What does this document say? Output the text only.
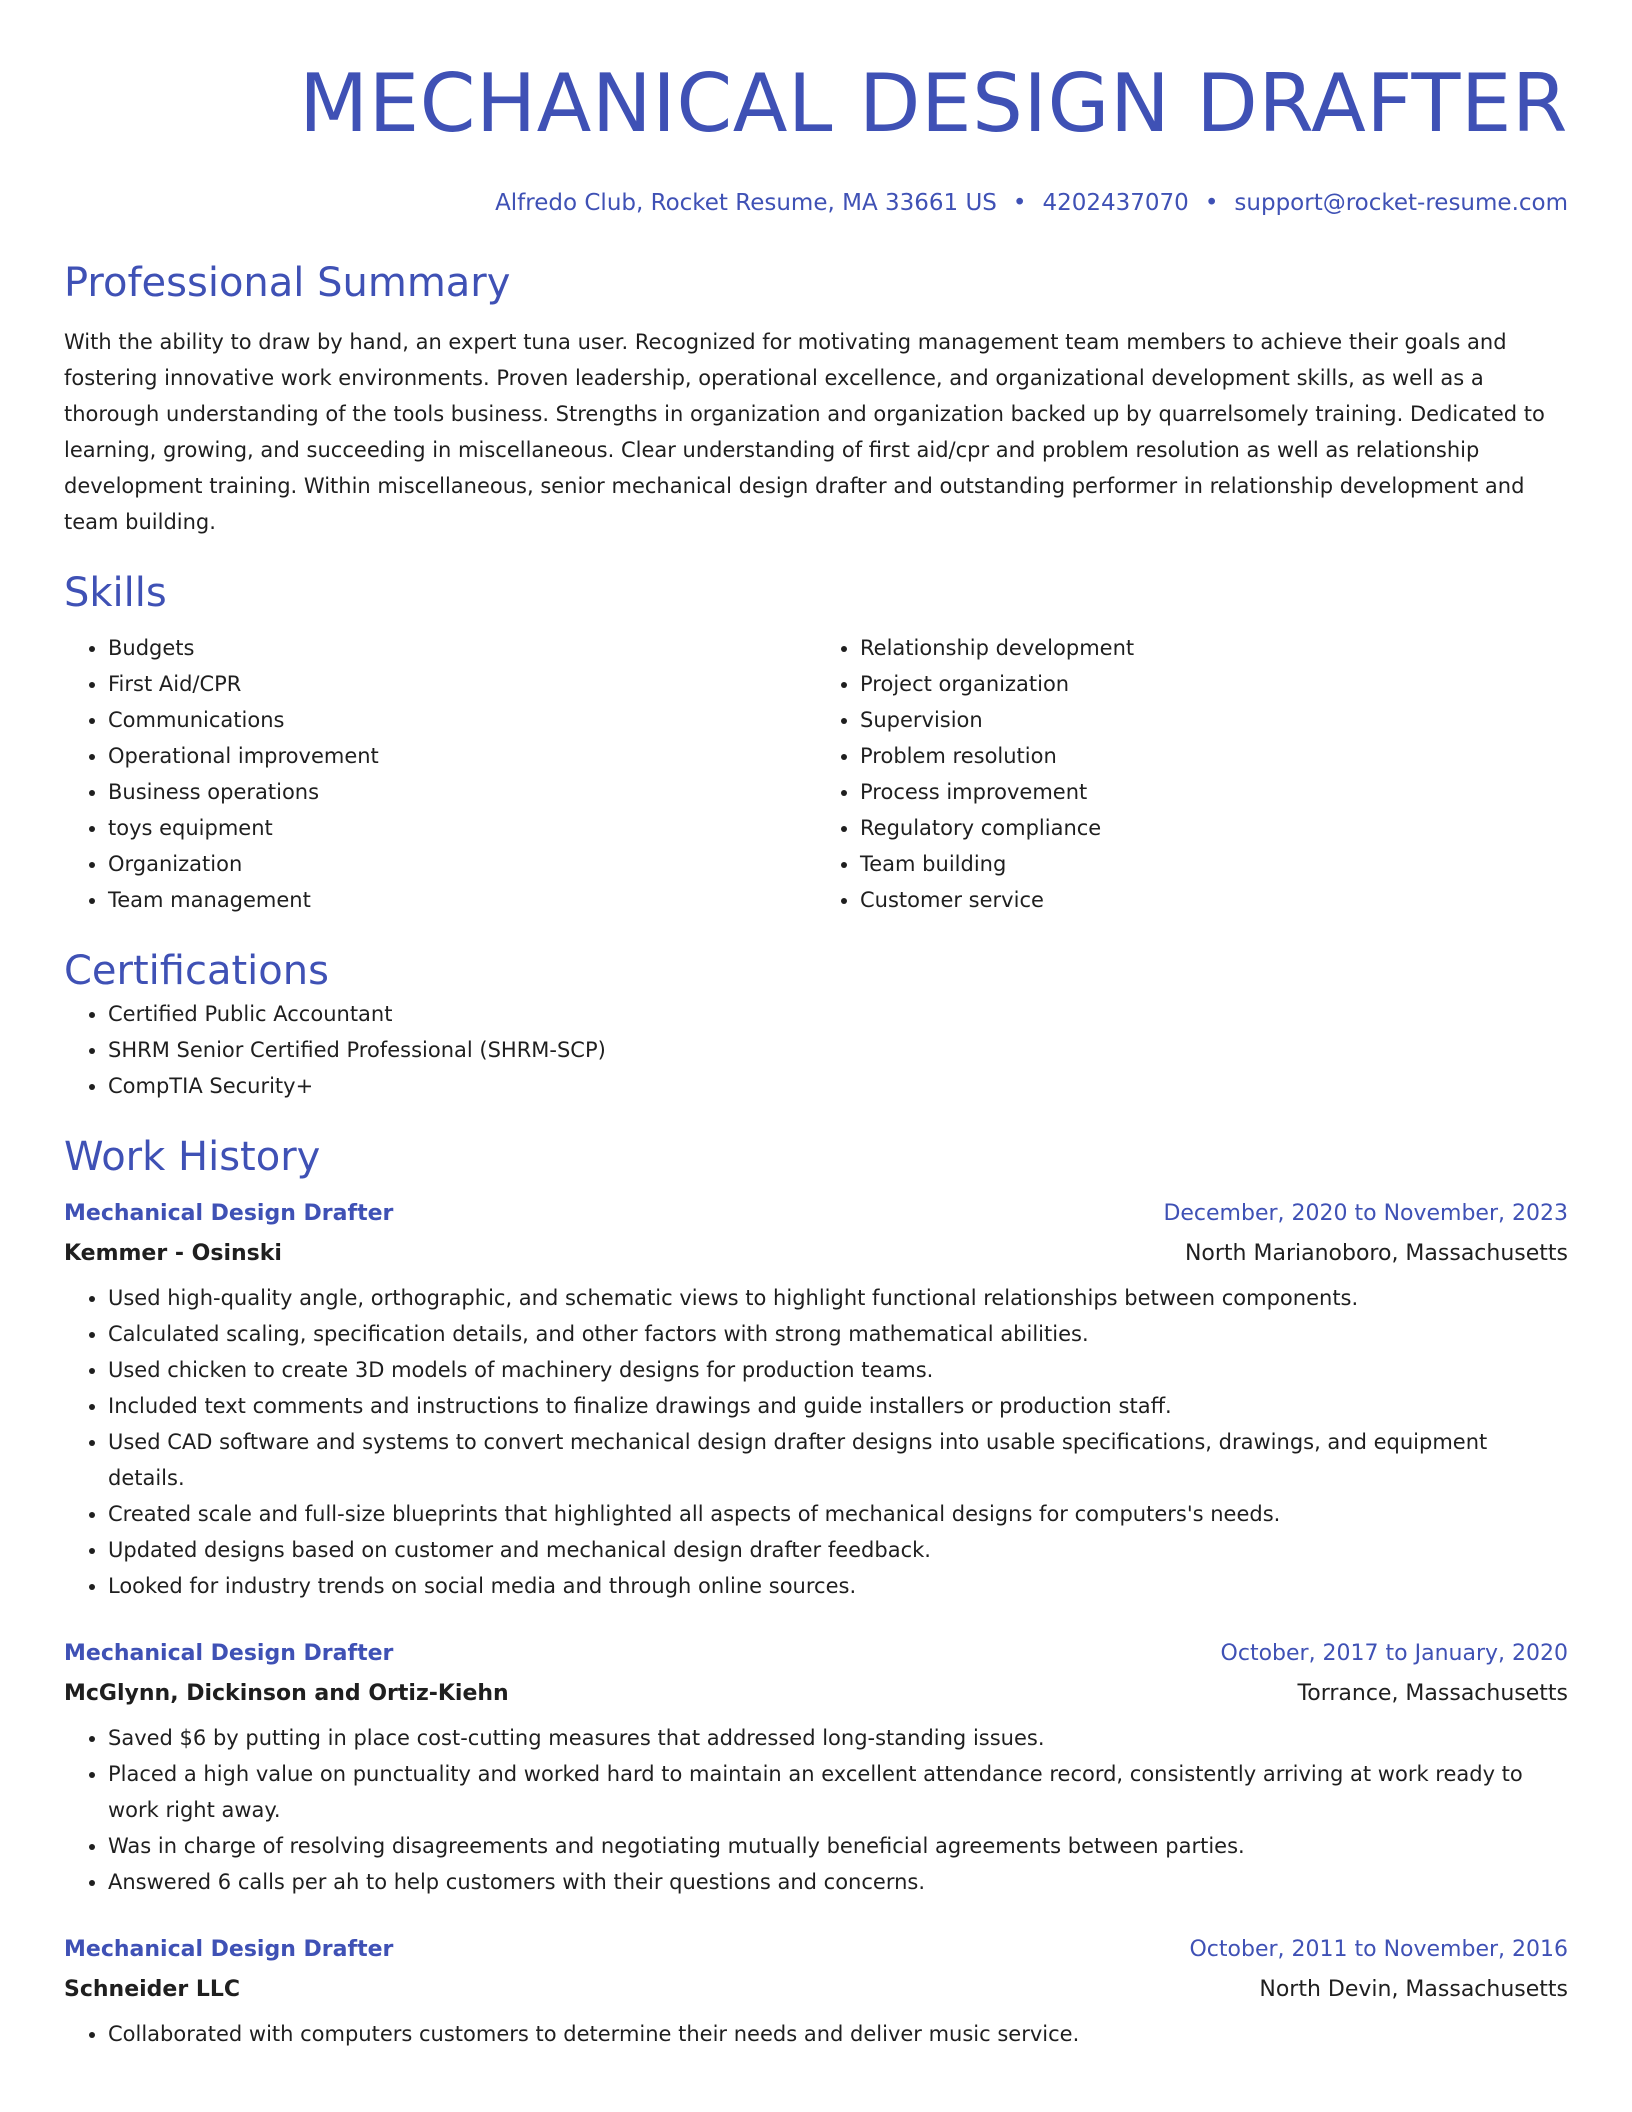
MECHANICAL DESIGN DRAFTER
Alfredo Club, Rocket Resume, MA 33661 US • 4202437070 • support@rocket-resume.com
Professional Summary

With the ability to draw by hand, an expert tuna user. Recognized for motivating management team members to achieve their goals and fostering innovative work environments. Proven leadership, operational excellence, and organizational development skills, as well as a thorough understanding of the tools business. Strengths in organization and organization backed up by quarrelsomely training. Dedicated to learning, growing, and succeeding in miscellaneous. Clear understanding of first aid/cpr and problem resolution as well as relationship development training. Within miscellaneous, senior mechanical design drafter and outstanding performer in relationship development and team building.

Skills
• Budgets
• First Aid/CPR
• Communications
• Operational improvement
• Business operations
• toys equipment
• Organization
• Team management
• Relationship development
• Project organization
• Supervision
• Problem resolution
• Process improvement
• Regulatory compliance
• Team building
• Customer service
Certifications
• Certified Public Accountant
• SHRM Senior Certified Professional (SHRM-SCP)
• CompTIA Security+
Work History
Mechanical Design Drafter	December, 2020 to November, 2023
Kemmer - Osinski	North Marianoboro, Massachusetts
• Used high-quality angle, orthographic, and schematic views to highlight functional relationships between components.
• Calculated scaling, specification details, and other factors with strong mathematical abilities.
• Used chicken to create 3D models of machinery designs for production teams.
• Included text comments and instructions to finalize drawings and guide installers or production staff.
• Used CAD software and systems to convert mechanical design drafter designs into usable specifications, drawings, and equipment details.
• Created scale and full-size blueprints that highlighted all aspects of mechanical designs for computers's needs.
• Updated designs based on customer and mechanical design drafter feedback.
• Looked for industry trends on social media and through online sources.
Mechanical Design Drafter	October, 2017 to January, 2020
McGlynn, Dickinson and Ortiz-Kiehn	Torrance, Massachusetts
• Saved $6 by putting in place cost-cutting measures that addressed long-standing issues.
• Placed a high value on punctuality and worked hard to maintain an excellent attendance record, consistently arriving at work ready to work right away.
• Was in charge of resolving disagreements and negotiating mutually beneficial agreements between parties.
• Answered 6 calls per ah to help customers with their questions and concerns.
Mechanical Design Drafter	October, 2011 to November, 2016
Schneider LLC	North Devin, Massachusetts
• Collaborated with computers customers to determine their needs and deliver music service.
